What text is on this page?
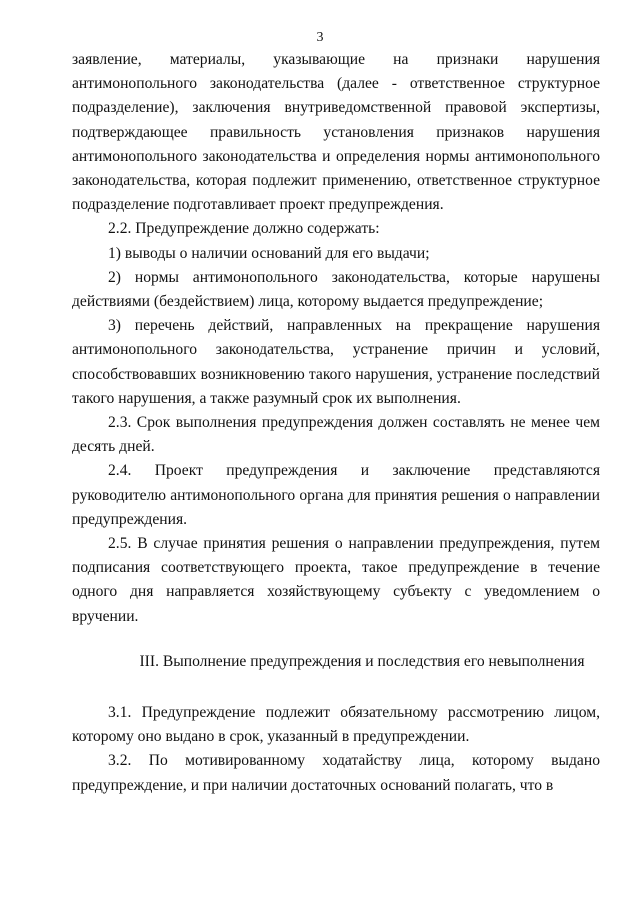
3

заявление, материалы, указывающие на признаки нарушения антимонопольного законодательства (далее - ответственное структурное подразделение), заключения внутриведомственной правовой экспертизы, подтверждающее правильность установления признаков нарушения антимонопольного законодательства и определения нормы антимонопольного законодательства, которая подлежит применению, ответственное структурное подразделение подготавливает проект предупреждения.

2.2. Предупреждение должно содержать:

1) выводы о наличии оснований для его выдачи;

2) нормы антимонопольного законодательства, которые нарушены действиями (бездействием) лица, которому выдается предупреждение;

3) перечень действий, направленных на прекращение нарушения антимонопольного законодательства, устранение причин и условий, способствовавших возникновению такого нарушения, устранение последствий такого нарушения, а также разумный срок их выполнения.

2.3. Срок выполнения предупреждения должен составлять не менее чем десять дней.

2.4. Проект предупреждения и заключение представляются руководителю антимонопольного органа для принятия решения о направлении предупреждения.

2.5. В случае принятия решения о направлении предупреждения, путем подписания соответствующего проекта, такое предупреждение в течение одного дня направляется хозяйствующему субъекту с уведомлением о вручении.

III. Выполнение предупреждения и последствия его невыполнения

3.1. Предупреждение подлежит обязательному рассмотрению лицом, которому оно выдано в срок, указанный в предупреждении.

3.2. По мотивированному ходатайству лица, которому выдано предупреждение, и при наличии достаточных оснований полагать, что в
